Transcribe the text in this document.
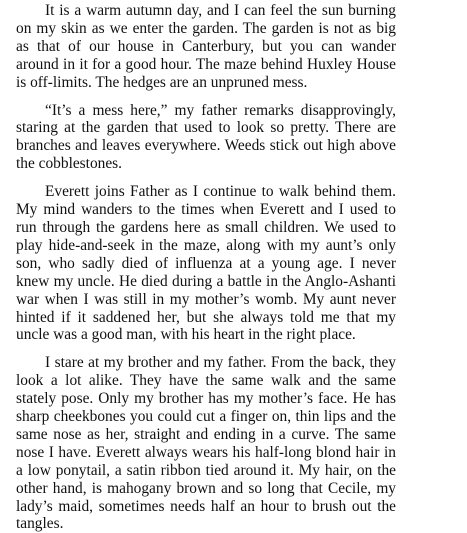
It is a warm autumn day, and I can feel the sun burning on my skin as we enter the garden. The garden is not as big as that of our house in Canterbury, but you can wander around in it for a good hour. The maze behind Huxley House is off-limits. The hedges are an unpruned mess.

“It’s a mess here,” my father remarks disapprovingly, staring at the garden that used to look so pretty. There are branches and leaves everywhere. Weeds stick out high above the cobblestones.

Everett joins Father as I continue to walk behind them. My mind wanders to the times when Everett and I used to run through the gardens here as small children. We used to play hide-and-seek in the maze, along with my aunt’s only son, who sadly died of influenza at a young age. I never knew my uncle. He died during a battle in the Anglo-Ashanti war when I was still in my mother’s womb. My aunt never hinted if it saddened her, but she always told me that my uncle was a good man, with his heart in the right place.

I stare at my brother and my father. From the back, they look a lot alike. They have the same walk and the same stately pose. Only my brother has my mother’s face. He has sharp cheekbones you could cut a finger on, thin lips and the same nose as her, straight and ending in a curve. The same nose I have. Everett always wears his half-long blond hair in a low ponytail, a satin ribbon tied around it. My hair, on the other hand, is mahogany brown and so long that Cecile, my lady’s maid, sometimes needs half an hour to brush out the tangles.
